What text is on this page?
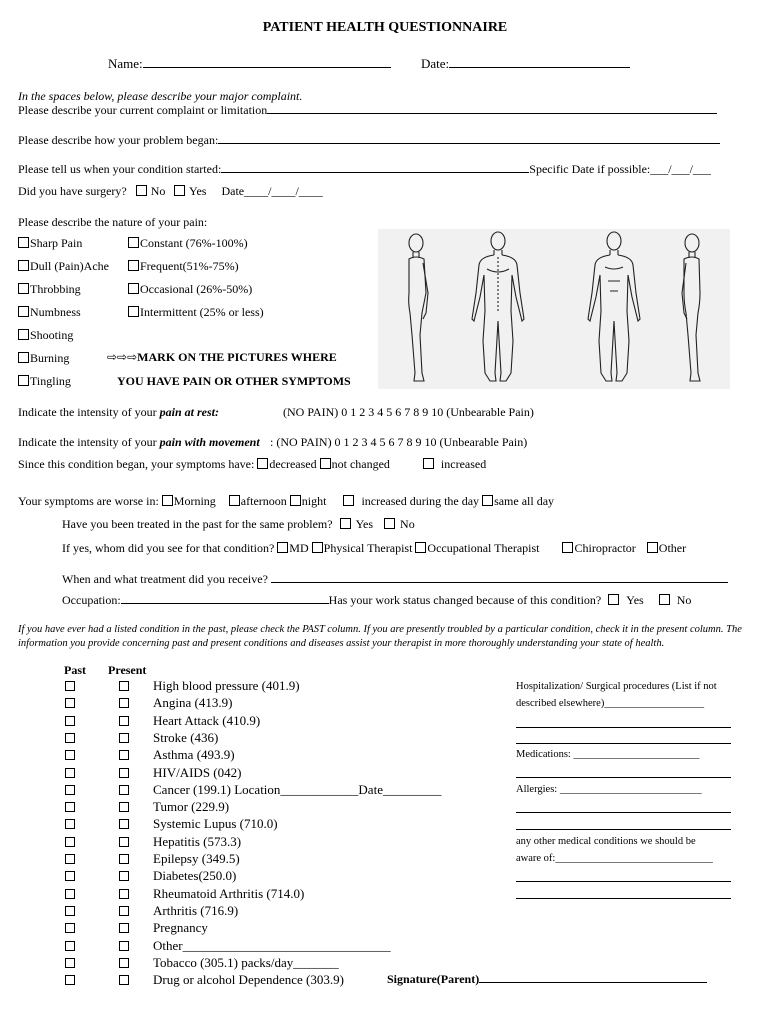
PATIENT HEALTH QUESTIONNAIRE
Name:	Date:
In the spaces below, please describe your major complaint.
Please describe your current complaint or limitation
Please describe how your problem began:
Please tell us when your condition started:	Specific Date if possible:___/___/___
Did you have surgery? No Yes Date____/____/____
Please describe the nature of your pain:
Sharp Pain
Dull (Pain)Ache
Throbbing
Numbness
Shooting
Burning
Tingling
Constant (76%-100%)
Frequent(51%-75%)
Occasional (26%-50%)
Intermittent (25% or less)
⇨⇨⇨MARK ON THE PICTURES WHERE
YOU HAVE PAIN OR OTHER SYMPTOMS
Indicate the intensity of your pain at rest:	(NO PAIN) 0 1 2 3 4 5 6 7 8 9 10 (Unbearable Pain)
Indicate the intensity of your pain with movement : (NO PAIN) 0 1 2 3 4 5 6 7 8 9 10 (Unbearable Pain)
Since this condition began, your symptoms have: decreased not changed	increased
Your symptoms are worse in: Morning afternoon night	increased during the day same all day
Have you been treated in the past for the same problem? Yes No
If yes, whom did you see for that condition? MD Physical Therapist Occupational Therapist	Chiropractor Other
When and what treatment did you receive?
Occupation:	Has your work status changed because of this condition? Yes	No
If you have ever had a listed condition in the past, please check the PAST column. If you are presently troubled by a particular condition, check it in the present column. The information you provide concerning past and present conditions and diseases assist your therapist in more thoroughly understanding your state of health.
Past Present
High blood pressure (401.9)
Angina (413.9)
Heart Attack (410.9)
Stroke (436)
Asthma (493.9)
HIV/AIDS (042)
Cancer (199.1) Location____________Date_________
Tumor (229.9)
Systemic Lupus (710.0)
Hepatitis (573.3)
Epilepsy (349.5)
Diabetes(250.0)
Rheumatoid Arthritis (714.0)
Arthritis (716.9)
Pregnancy
Other________________________________
Tobacco (305.1) packs/day_______
Drug or alcohol Dependence (303.9)
Hospitalization/ Surgical procedures (List if not
described elsewhere)___________________
Medications: ________________________
Allergies: ___________________________
any other medical conditions we should be
aware of:______________________________
Signature(Parent)
